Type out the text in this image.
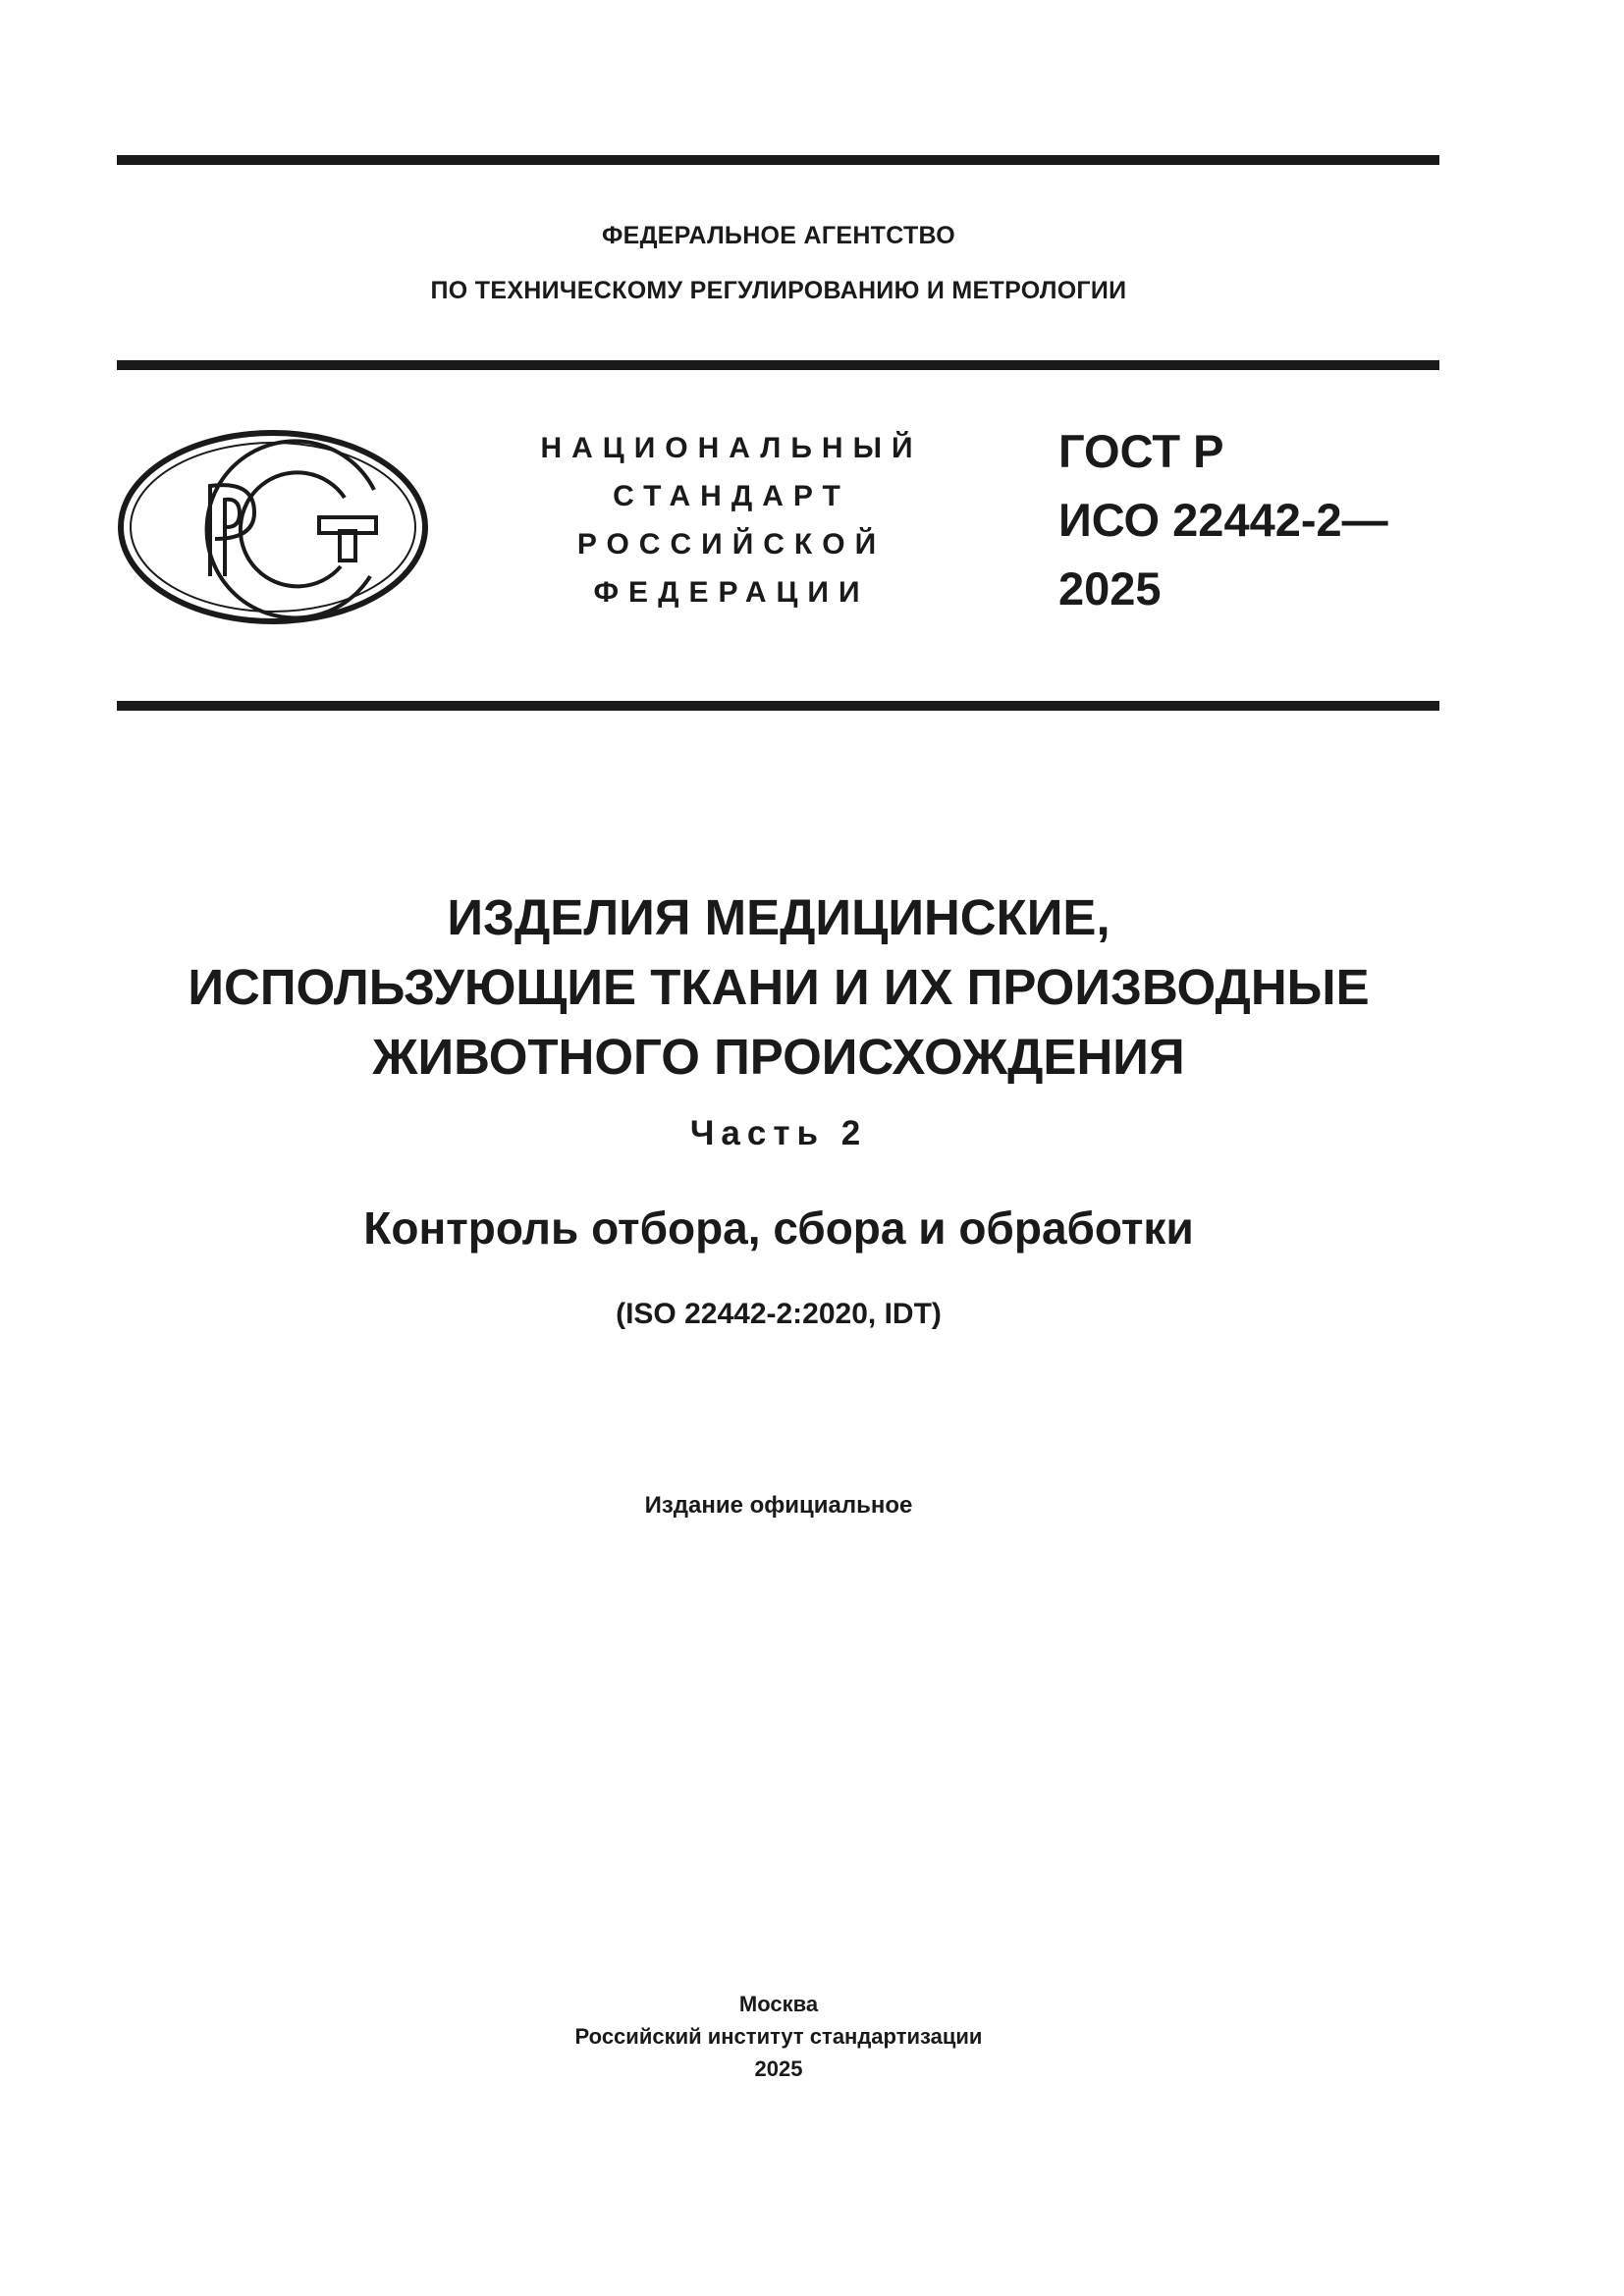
ФЕДЕРАЛЬНОЕ АГЕНТСТВО
ПО ТЕХНИЧЕСКОМУ РЕГУЛИРОВАНИЮ И МЕТРОЛОГИИ
НАЦИОНАЛЬНЫЙ
СТАНДАРТ
РОССИЙСКОЙ
ФЕДЕРАЦИИ
ГОСТ Р
ИСО 22442-2—
2025
ИЗДЕЛИЯ МЕДИЦИНСКИЕ,
ИСПОЛЬЗУЮЩИЕ ТКАНИ И ИХ ПРОИЗВОДНЫЕ
ЖИВОТНОГО ПРОИСХОЖДЕНИЯ
Часть 2
Контроль отбора, сбора и обработки
(ISO 22442-2:2020, IDT)
Издание официальное
Москва
Российский институт стандартизации
2025
